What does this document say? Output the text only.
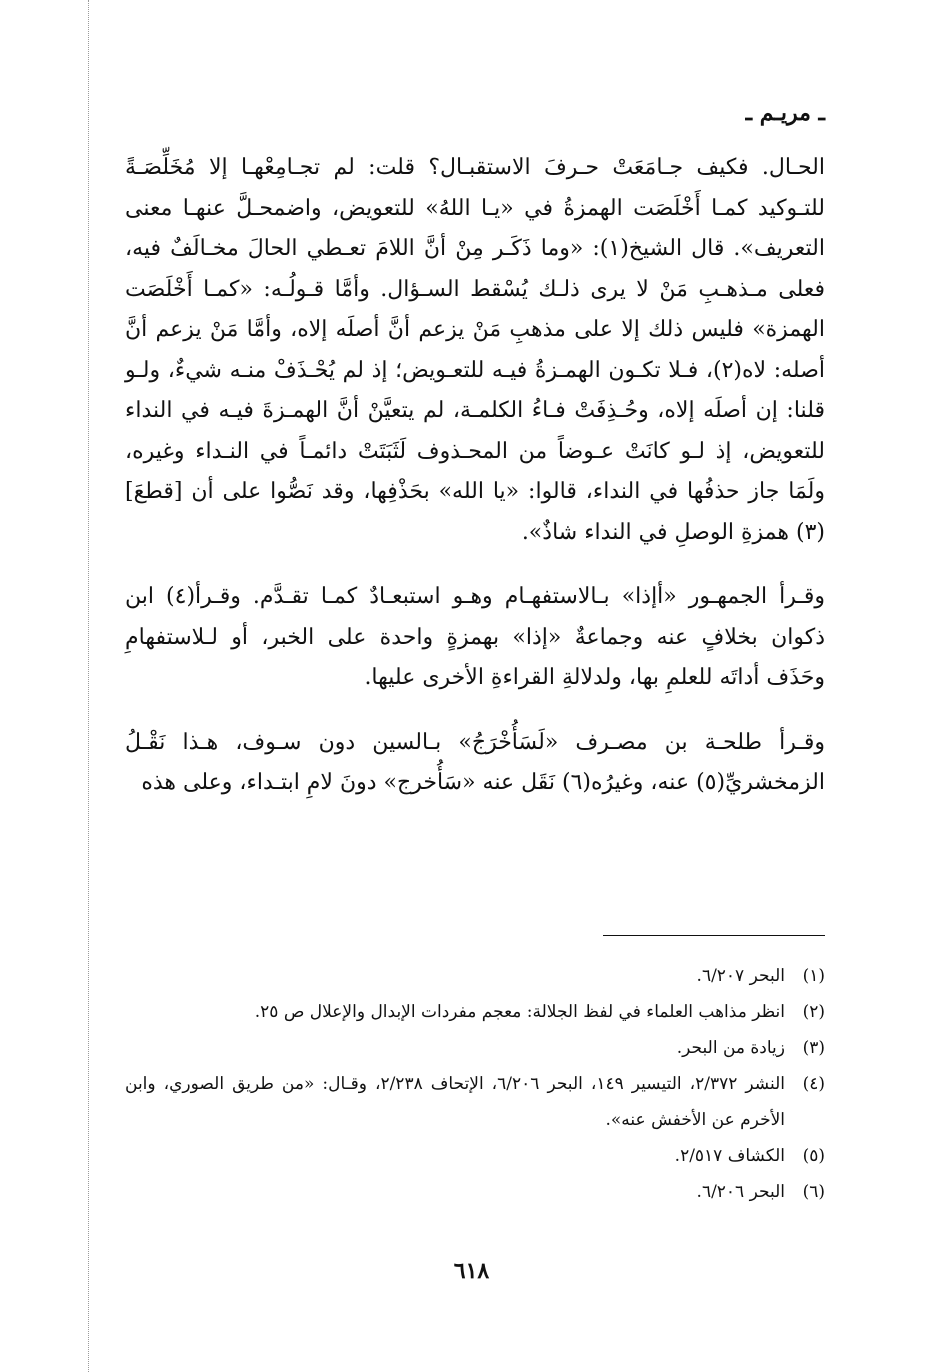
ـ مريـم ـ

الحـال. فكيف جـامَعَتْ حـرفَ الاستقبـال؟ قلت: لم تجـامِعْهـا إلا مُخَلِّصَـةً للتـوكيد كمـا أَخْلَصَت الهمزةُ في «يـا اللهُ» للتعويض، واضمحـلَّ عنهـا معنى التعريف». قال الشيخ(١): «وما ذَكَـر مِنْ أنَّ اللامَ تعـطي الحالَ مخـالَفٌ فيه، فعلى مـذهـبِ مَنْ لا يرى ذلـك يُسْقط السـؤال. وأمَّا قـولُـه: «كمـا أَخْلَصَت الهمزة» فليس ذلك إلا على مذهبِ مَنْ يزعم أنَّ أصلَه إلاه، وأمَّا مَنْ يزعم أنَّ أصله: لاه(٢)، فـلا تكـون الهمـزةُ فيـه للتعـويض؛ إذ لم يُحْـذَفْ منـه شيءٌ، ولـو قلنا: إن أصلَه إلاه، وحُـذِفَتْ فـاءُ الكلمـة، لم يتعيَّنْ أنَّ الهمـزةَ فيـه في النداء للتعويض، إذ لـو كانَتْ عـوضاً من المحـذوف لَثَبَتَتْ دائمـاً في النـداء وغيره، ولَمَا جاز حذفُها في النداء، قالوا: «يا الله» بحَذْفِها، وقد نَصُّوا على أن [قطعَ](٣) همزةِ الوصلِ في النداء شاذٌ».

وقـرأ الجمهـور «أإذا» بـالاستفهـام وهـو استبعـادٌ كمـا تقـدَّم. وقـرأ(٤) ابن ذكوان بخلافٍ عنه وجماعةٌ «إذا» بهمزةٍ واحدة على الخبر، أو لـلاستفهامِ وحَذَف أداتَه للعلمِ بها، ولدلالةِ القراءةِ الأخرى عليها.

وقـرأ طلحـة بن مصـرف «لَسَأُخْرَجُ» بـالسين دون سـوف، هـذا نَقْـلُ الزمخشريِّ(٥) عنه، وغيرُه(٦) نَقَل عنه «سَأُخرج» دونَ لامِ ابتـداء، وعلى هذه

(١)
البحر ٦/٢٠٧.
(٢)
انظر مذاهب العلماء في لفظ الجلالة: معجم مفردات الإبدال والإعلال ص ٢٥.
(٣)
زيادة من البحر.
(٤)
النشر ٢/٣٧٢، التيسير ١٤٩، البحر ٦/٢٠٦، الإتحاف ٢/٢٣٨، وقـال: «من طريق الصوري، وابن الأخرم عن الأخفش عنه».
(٥)
الكشاف ٢/٥١٧.
(٦)
البحر ٦/٢٠٦.
٦١٨
